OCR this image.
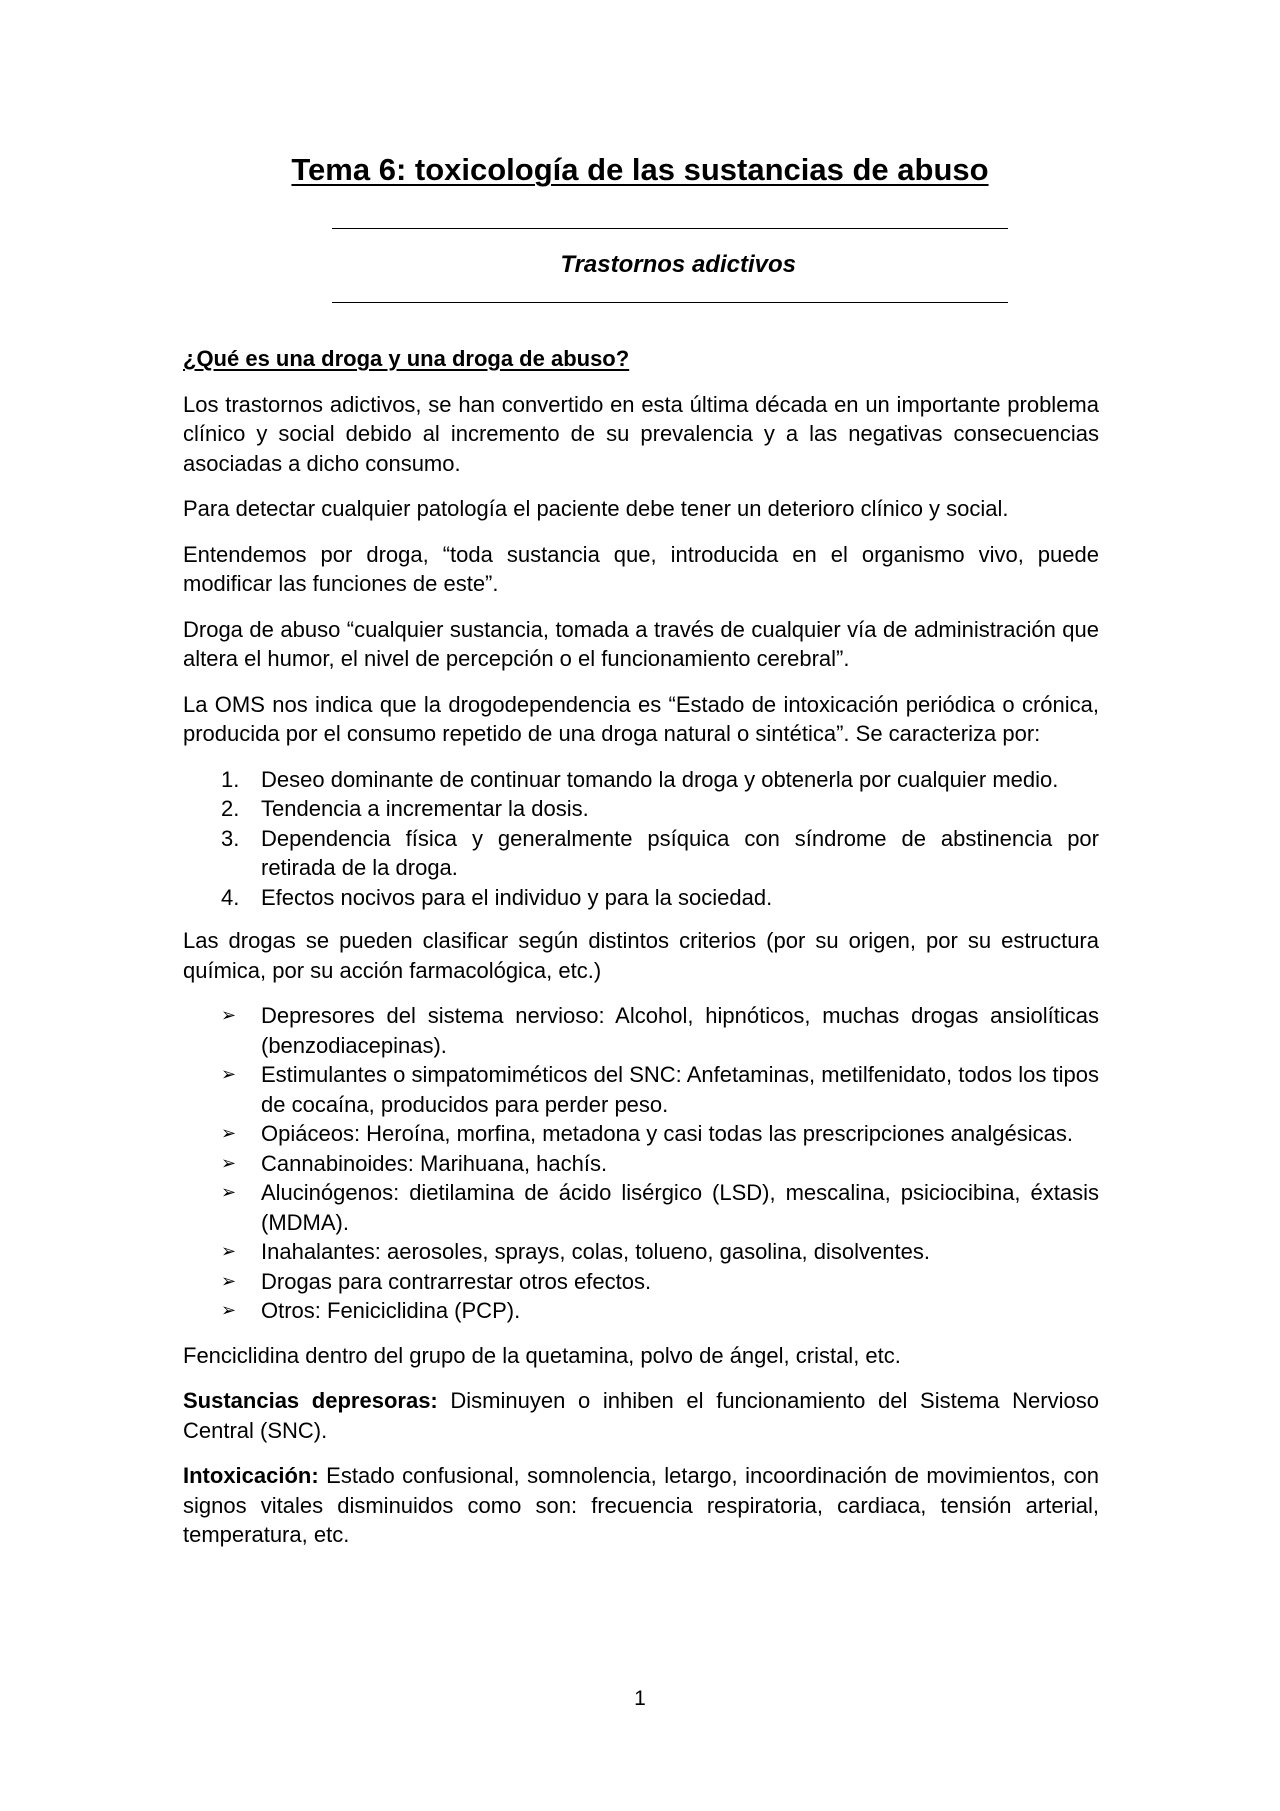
Tema 6: toxicología de las sustancias de abuso
Trastornos adictivos

¿Qué es una droga y una droga de abuso?

Los trastornos adictivos, se han convertido en esta última década en un importante problema clínico y social debido al incremento de su prevalencia y a las negativas consecuencias asociadas a dicho consumo.

Para detectar cualquier patología el paciente debe tener un deterioro clínico y social.

Entendemos por droga, “toda sustancia que, introducida en el organismo vivo, puede modificar las funciones de este”.

Droga de abuso “cualquier sustancia, tomada a través de cualquier vía de administración que altera el humor, el nivel de percepción o el funcionamiento cerebral”.

La OMS nos indica que la drogodependencia es “Estado de intoxicación periódica o crónica, producida por el consumo repetido de una droga natural o sintética”. Se caracteriza por:

1. Deseo dominante de continuar tomando la droga y obtenerla por cualquier medio.
2. Tendencia a incrementar la dosis.
3. Dependencia física y generalmente psíquica con síndrome de abstinencia por retirada de la droga.
4. Efectos nocivos para el individuo y para la sociedad.

Las drogas se pueden clasificar según distintos criterios (por su origen, por su estructura química, por su acción farmacológica, etc.)

➢ Depresores del sistema nervioso: Alcohol, hipnóticos, muchas drogas ansiolíticas (benzodiacepinas).
➢ Estimulantes o simpatomiméticos del SNC: Anfetaminas, metilfenidato, todos los tipos de cocaína, producidos para perder peso.
➢ Opiáceos: Heroína, morfina, metadona y casi todas las prescripciones analgésicas.
➢ Cannabinoides: Marihuana, hachís.
➢ Alucinógenos: dietilamina de ácido lisérgico (LSD), mescalina, psiciocibina, éxtasis (MDMA).
➢ Inahalantes: aerosoles, sprays, colas, tolueno, gasolina, disolventes.
➢ Drogas para contrarrestar otros efectos.
➢ Otros: Feniciclidina (PCP).

Fenciclidina dentro del grupo de la quetamina, polvo de ángel, cristal, etc.

Sustancias depresoras: Disminuyen o inhiben el funcionamiento del Sistema Nervioso Central (SNC).

Intoxicación: Estado confusional, somnolencia, letargo, incoordinación de movimientos, con signos vitales disminuidos como son: frecuencia respiratoria, cardiaca, tensión arterial, temperatura, etc.

1
